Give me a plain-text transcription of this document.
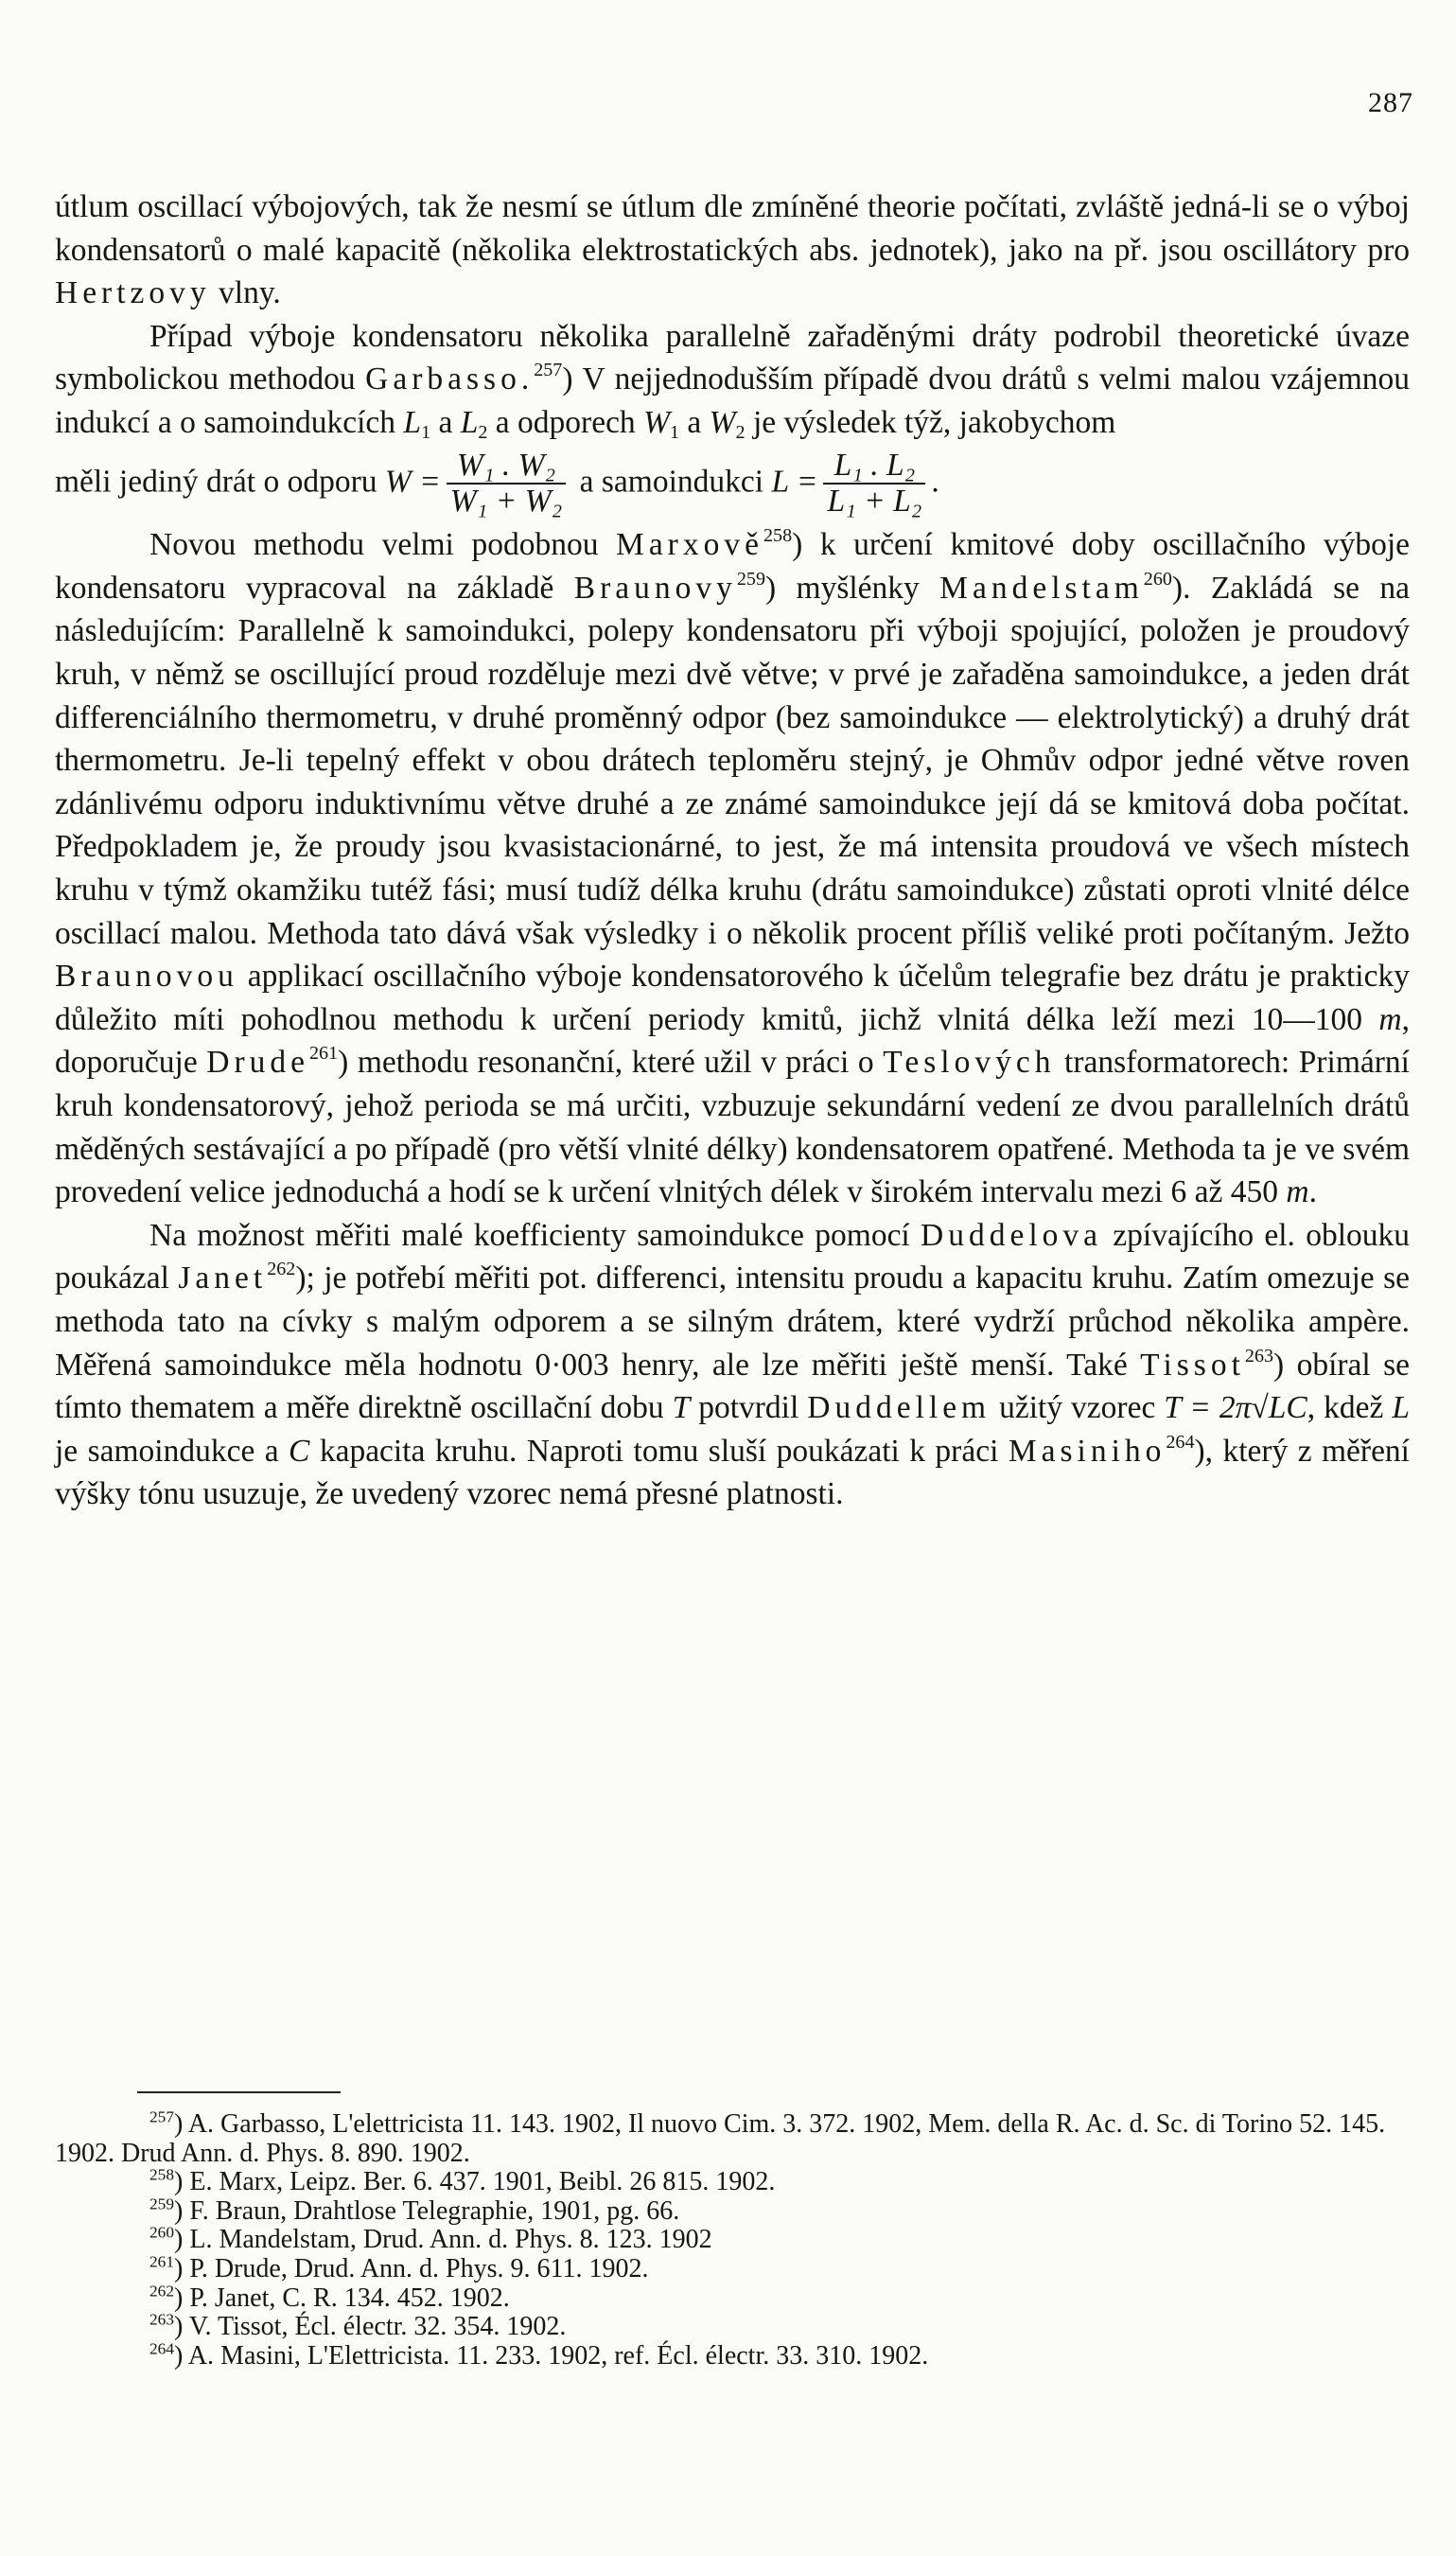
287

útlum oscillací výbojových, tak že nesmí se útlum dle zmíněné theorie počítati, zvláště jedná-li se o výboj kondensatorů o malé kapacitě (několika elektrostatických abs. jednotek), jako na př. jsou oscillátory pro Hertzovy vlny.

Případ výboje kondensatoru několika parallelně zařaděnými dráty podrobil theoretické úvaze symbolickou methodou Garbasso.$^{257}$) V nejjednodušším případě dvou drátů s velmi malou vzájemnou indukcí a o samoindukcích $L_1$ a $L_2$ a odporech $W_1$ a $W_2$ je výsledek týž, jakobychom

měli jediný drát o odporu $W = \frac{\text{W₁ . W₂}}{\text{W₁ + W₂}}$ a samoindukci $L = \frac{\text{L₁ . L₂}}{\text{L₁ + L₂}}$ .

Novou methodu velmi podobnou Marxově$^{258}$) k určení kmitové doby oscillačního výboje kondensatoru vypracoval na základě Braunovy$^{259}$) myšlénky Mandelstam$^{260}$). Zakládá se na následujícím: Parallelně k samoindukci, polepy kondensatoru při výboji spojující, položen je proudový kruh, v němž se oscillující proud rozděluje mezi dvě větve; v prvé je zařaděna samoindukce, a jeden drát differenciálního thermometru, v druhé proměnný odpor (bez samoindukce — elektrolytický) a druhý drát thermometru. Je-li tepelný effekt v obou drátech teploměru stejný, je Ohmův odpor jedné větve roven zdánlivému odporu induktivnímu větve druhé a ze známé samoindukce její dá se kmitová doba počítat. Předpokladem je, že proudy jsou kvasistacionárné, to jest, že má intensita proudová ve všech místech kruhu v týmž okamžiku tutéž fási; musí tudíž délka kruhu (drátu samoindukce) zůstati oproti vlnité délce oscillací malou. Methoda tato dává však výsledky i o několik procent příliš veliké proti počítaným. Ježto Braunovou applikací oscillačního výboje kondensatorového k účelům telegrafie bez drátu je prakticky důležito míti pohodlnou methodu k určení periody kmitů, jichž vlnitá délka leží mezi 10—100 m, doporučuje Drude$^{261}$) methodu resonanční, které užil v práci o Teslových transformatorech: Primární kruh kondensatorový, jehož perioda se má určiti, vzbuzuje sekundární vedení ze dvou parallelních drátů měděných sestávající a po případě (pro větší vlnité délky) kondensatorem opatřené. Methoda ta je ve svém provedení velice jednoduchá a hodí se k určení vlnitých délek v širokém intervalu mezi 6 až 450 m.

Na možnost měřiti malé koefficienty samoindukce pomocí Duddelova zpívajícího el. oblouku poukázal Janet$^{262}$); je potřebí měřiti pot. differenci, intensitu proudu a kapacitu kruhu. Zatím omezuje se methoda tato na cívky s malým odporem a se silným drátem, které vydrží průchod několika ampère. Měřená samoindukce měla hodnotu 0·003 henry, ale lze měřiti ještě menší. Také Tissot$^{263}$) obíral se tímto thematem a měře direktně oscillační dobu T potvrdil Duddellem užitý vzorec T = 2π√LC, kdež L je samoindukce a C kapacita kruhu. Naproti tomu sluší poukázati k práci Masiniho$^{264}$), který z měření výšky tónu usuzuje, že uvedený vzorec nemá přesné platnosti.

$^{257}$) A. Garbasso, L'elettricista 11. 143. 1902, Il nuovo Cim. 3. 372. 1902, Mem. della R. Ac. d. Sc. di Torino 52. 145. 1902. Drud Ann. d. Phys. 8. 890. 1902.
$^{258}$) E. Marx, Leipz. Ber. 6. 437. 1901, Beibl. 26 815. 1902.
$^{259}$) F. Braun, Drahtlose Telegraphie, 1901, pg. 66.
$^{260}$) L. Mandelstam, Drud. Ann. d. Phys. 8. 123. 1902
$^{261}$) P. Drude, Drud. Ann. d. Phys. 9. 611. 1902.
$^{262}$) P. Janet, C. R. 134. 452. 1902.
$^{263}$) V. Tissot, Écl. électr. 32. 354. 1902.
$^{264}$) A. Masini, L'Elettricista. 11. 233. 1902, ref. Écl. électr. 33. 310. 1902.
